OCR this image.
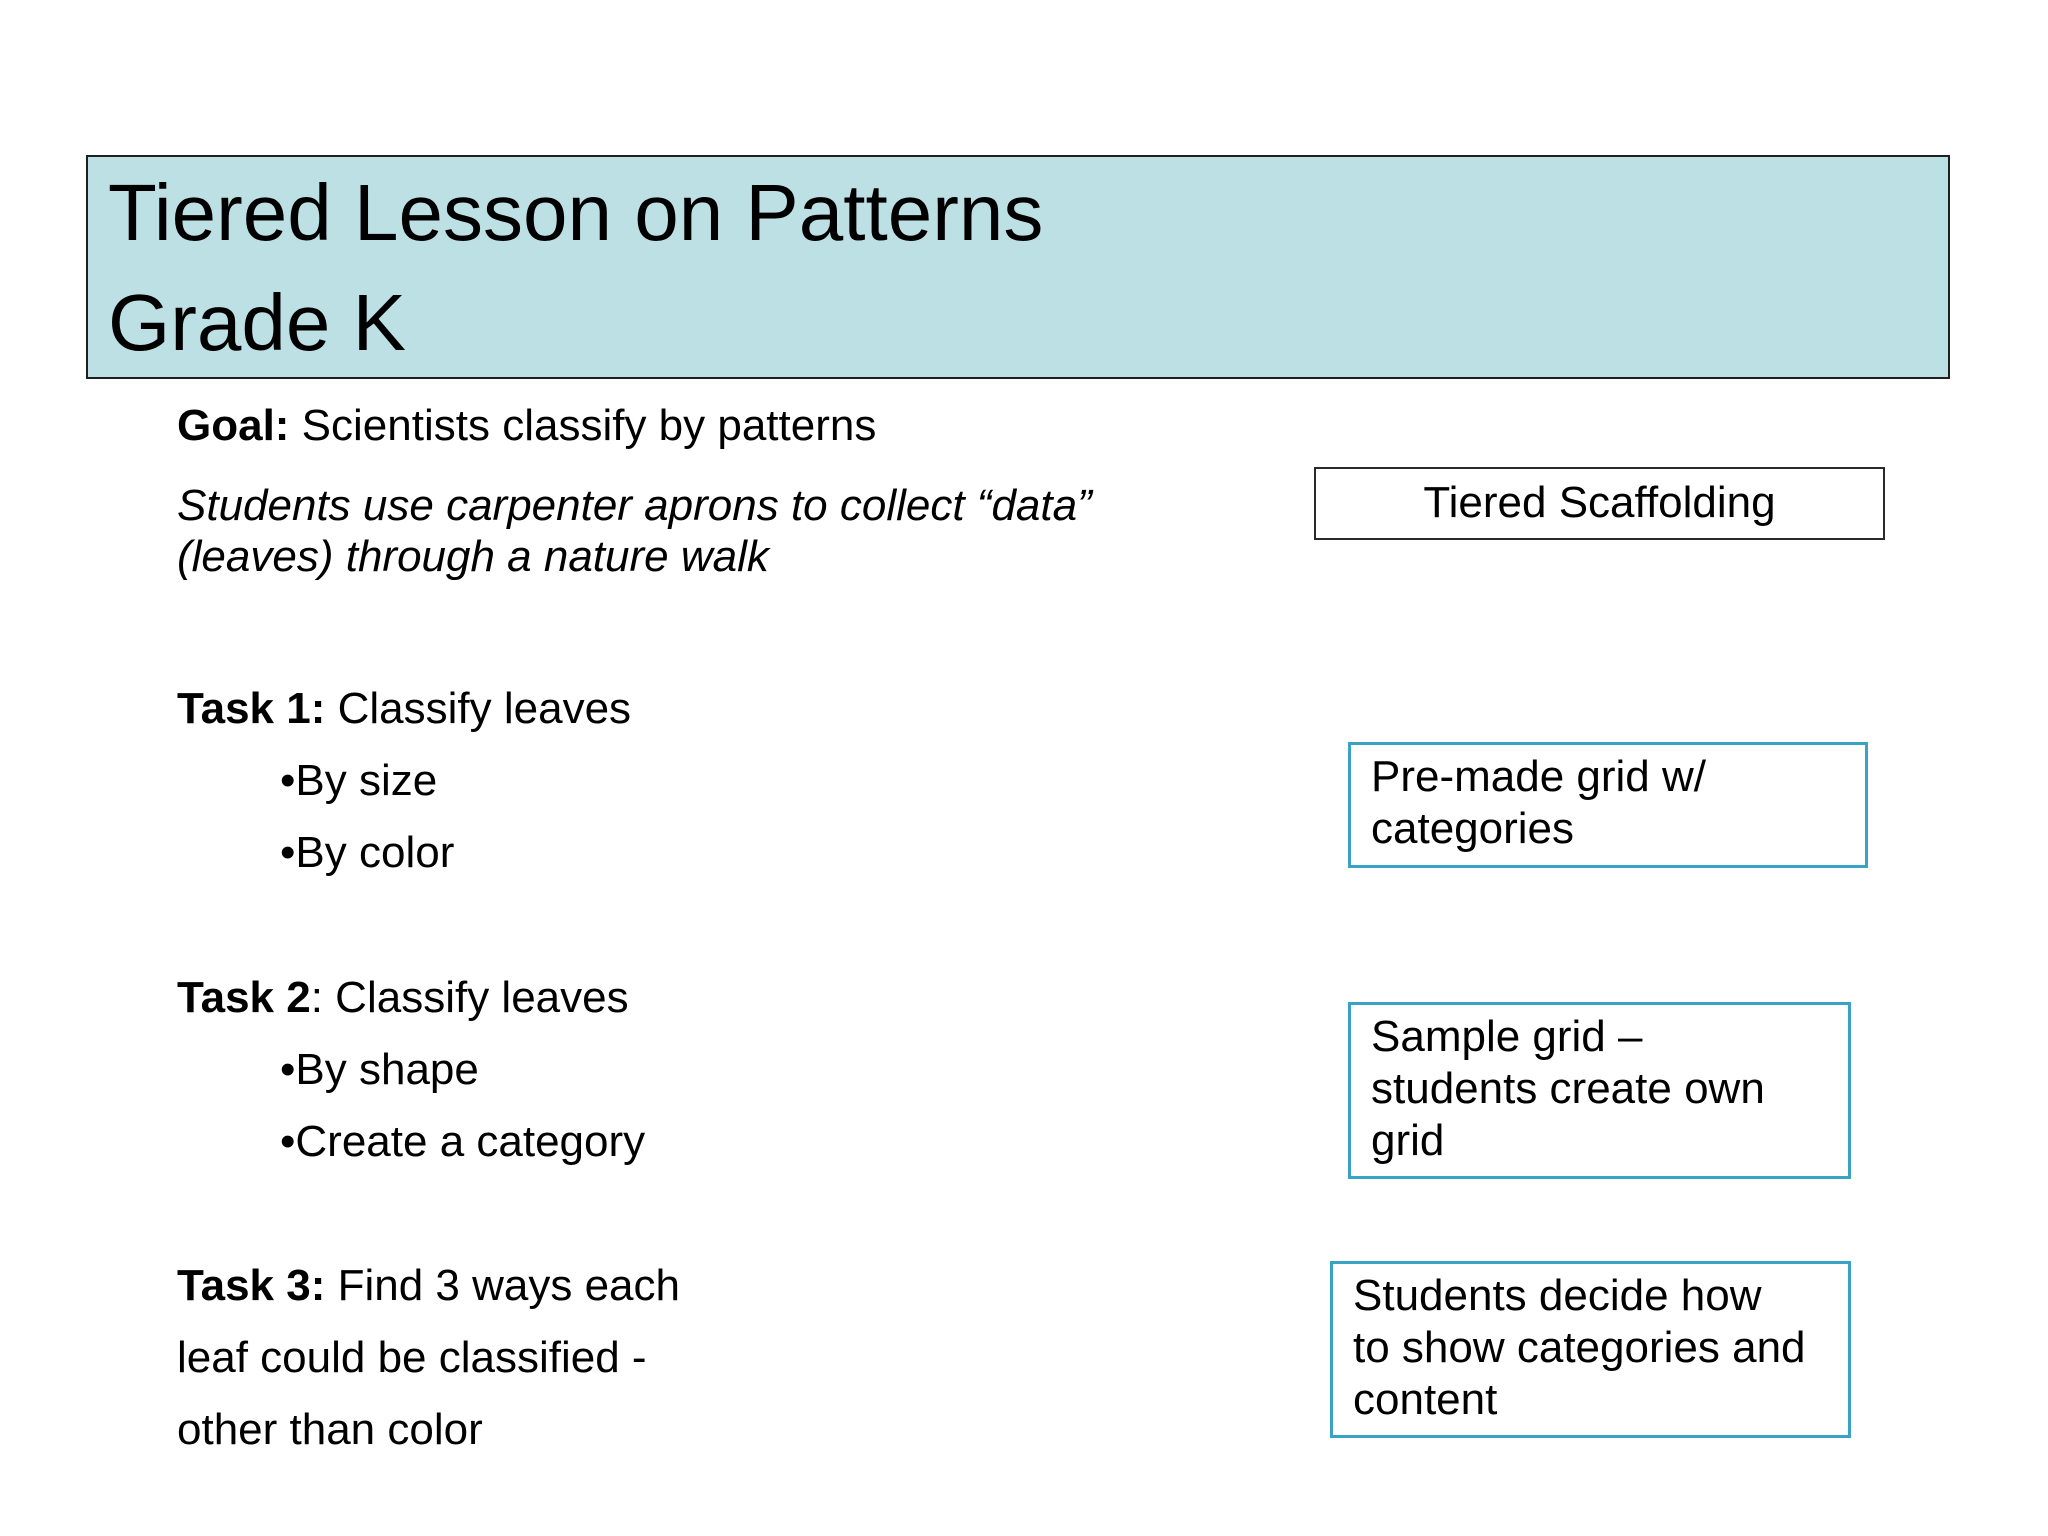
Tiered Lesson on Patterns
Grade K
Goal: Scientists classify by patterns
Students use carpenter aprons to collect “data”
(leaves) through a nature walk
Task 1: Classify leaves
•By size
•By color
Task 2: Classify leaves
•By shape
•Create a category
Task 3: Find 3 ways each
leaf could be classified -
other than color
Tiered Scaffolding
Pre-made grid w/
categories
Sample grid –
students create own
grid
Students decide how
to show categories and
content
